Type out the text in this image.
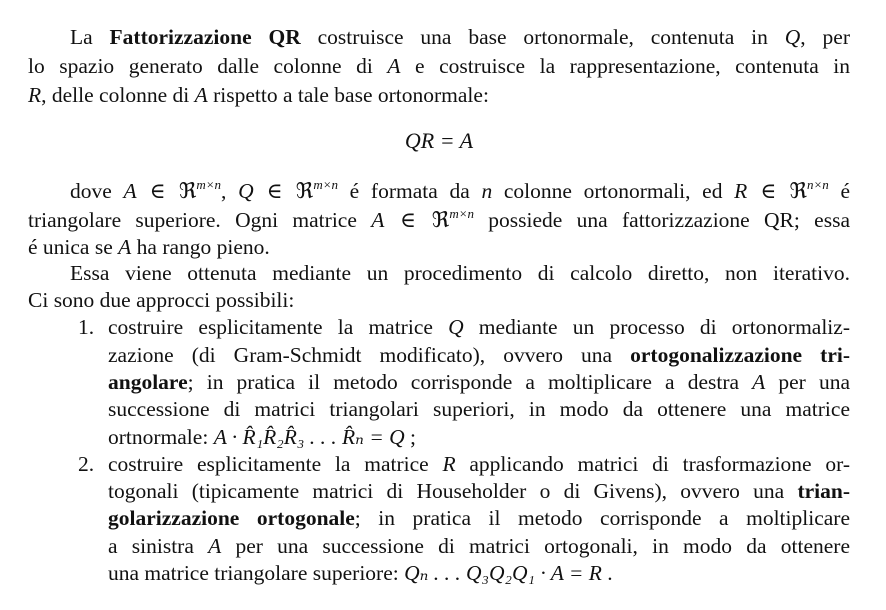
La Fattorizzazione QR costruisce una base ortonormale, contenuta in Q, per
lo spazio generato dalle colonne di A e costruisce la rappresentazione, contenuta in
R, delle colonne di A rispetto a tale base ortonormale:
QR = A
dove A ∈ ℜ$^{m\times n}$, Q ∈ ℜ$^{m\times n}$ é formata da n colonne ortonormali, ed R ∈ ℜ$^{n\times n}$ é
triangolare superiore. Ogni matrice A ∈ ℜ$^{m\times n}$ possiede una fattorizzazione QR; essa
é unica se A ha rango pieno.
Essa viene ottenuta mediante un procedimento di calcolo diretto, non iterativo.
Ci sono due approcci possibili:
1. costruire esplicitamente la matrice Q mediante un processo di ortonormaliz-
zazione (di Gram-Schmidt modificato), ovvero una ortogonalizzazione tri-
angolare; in pratica il metodo corrisponde a moltiplicare a destra A per una
successione di matrici triangolari superiori, in modo da ottenere una matrice
ortnormale: A · R̂₁R̂₂R̂₃ . . . R̂ₙ = Q ;
2. costruire esplicitamente la matrice R applicando matrici di trasformazione or-
togonali (tipicamente matrici di Householder o di Givens), ovvero una trian-
golarizzazione ortogonale; in pratica il metodo corrisponde a moltiplicare
a sinistra A per una successione di matrici ortogonali, in modo da ottenere
una matrice triangolare superiore: Qₙ . . . Q₃Q₂Q₁ · A = R .
